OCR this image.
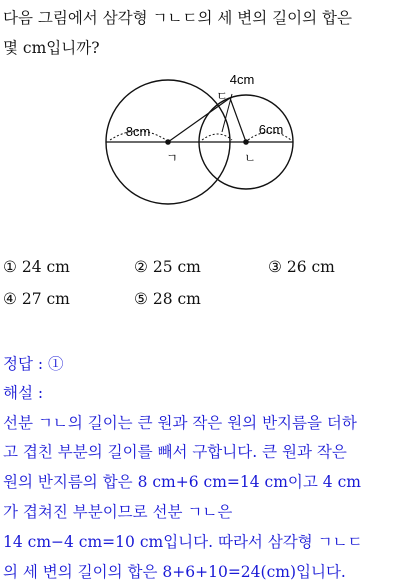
다음 그림에서 삼각형 ㄱㄴㄷ의 세 변의 길이의 합은
몇 cm입니까?
8cm	6cm
4cm
ㄱ	ㄴ
ㄷ
① 24 cm	② 25 cm	③ 26 cm
④ 27 cm	⑤ 28 cm
정답 : ①
해설 :
선분 ㄱㄴ의 길이는 큰 원과 작은 원의 반지름을 더하
고 겹친 부분의 길이를 빼서 구합니다. 큰 원과 작은
원의 반지름의 합은 8 cm+6 cm=14 cm이고 4 cm
가 겹쳐진 부분이므로 선분 ㄱㄴ은
14 cm−4 cm=10 cm입니다. 따라서 삼각형 ㄱㄴㄷ
의 세 변의 길이의 합은 8+6+10=24(cm)입니다.
